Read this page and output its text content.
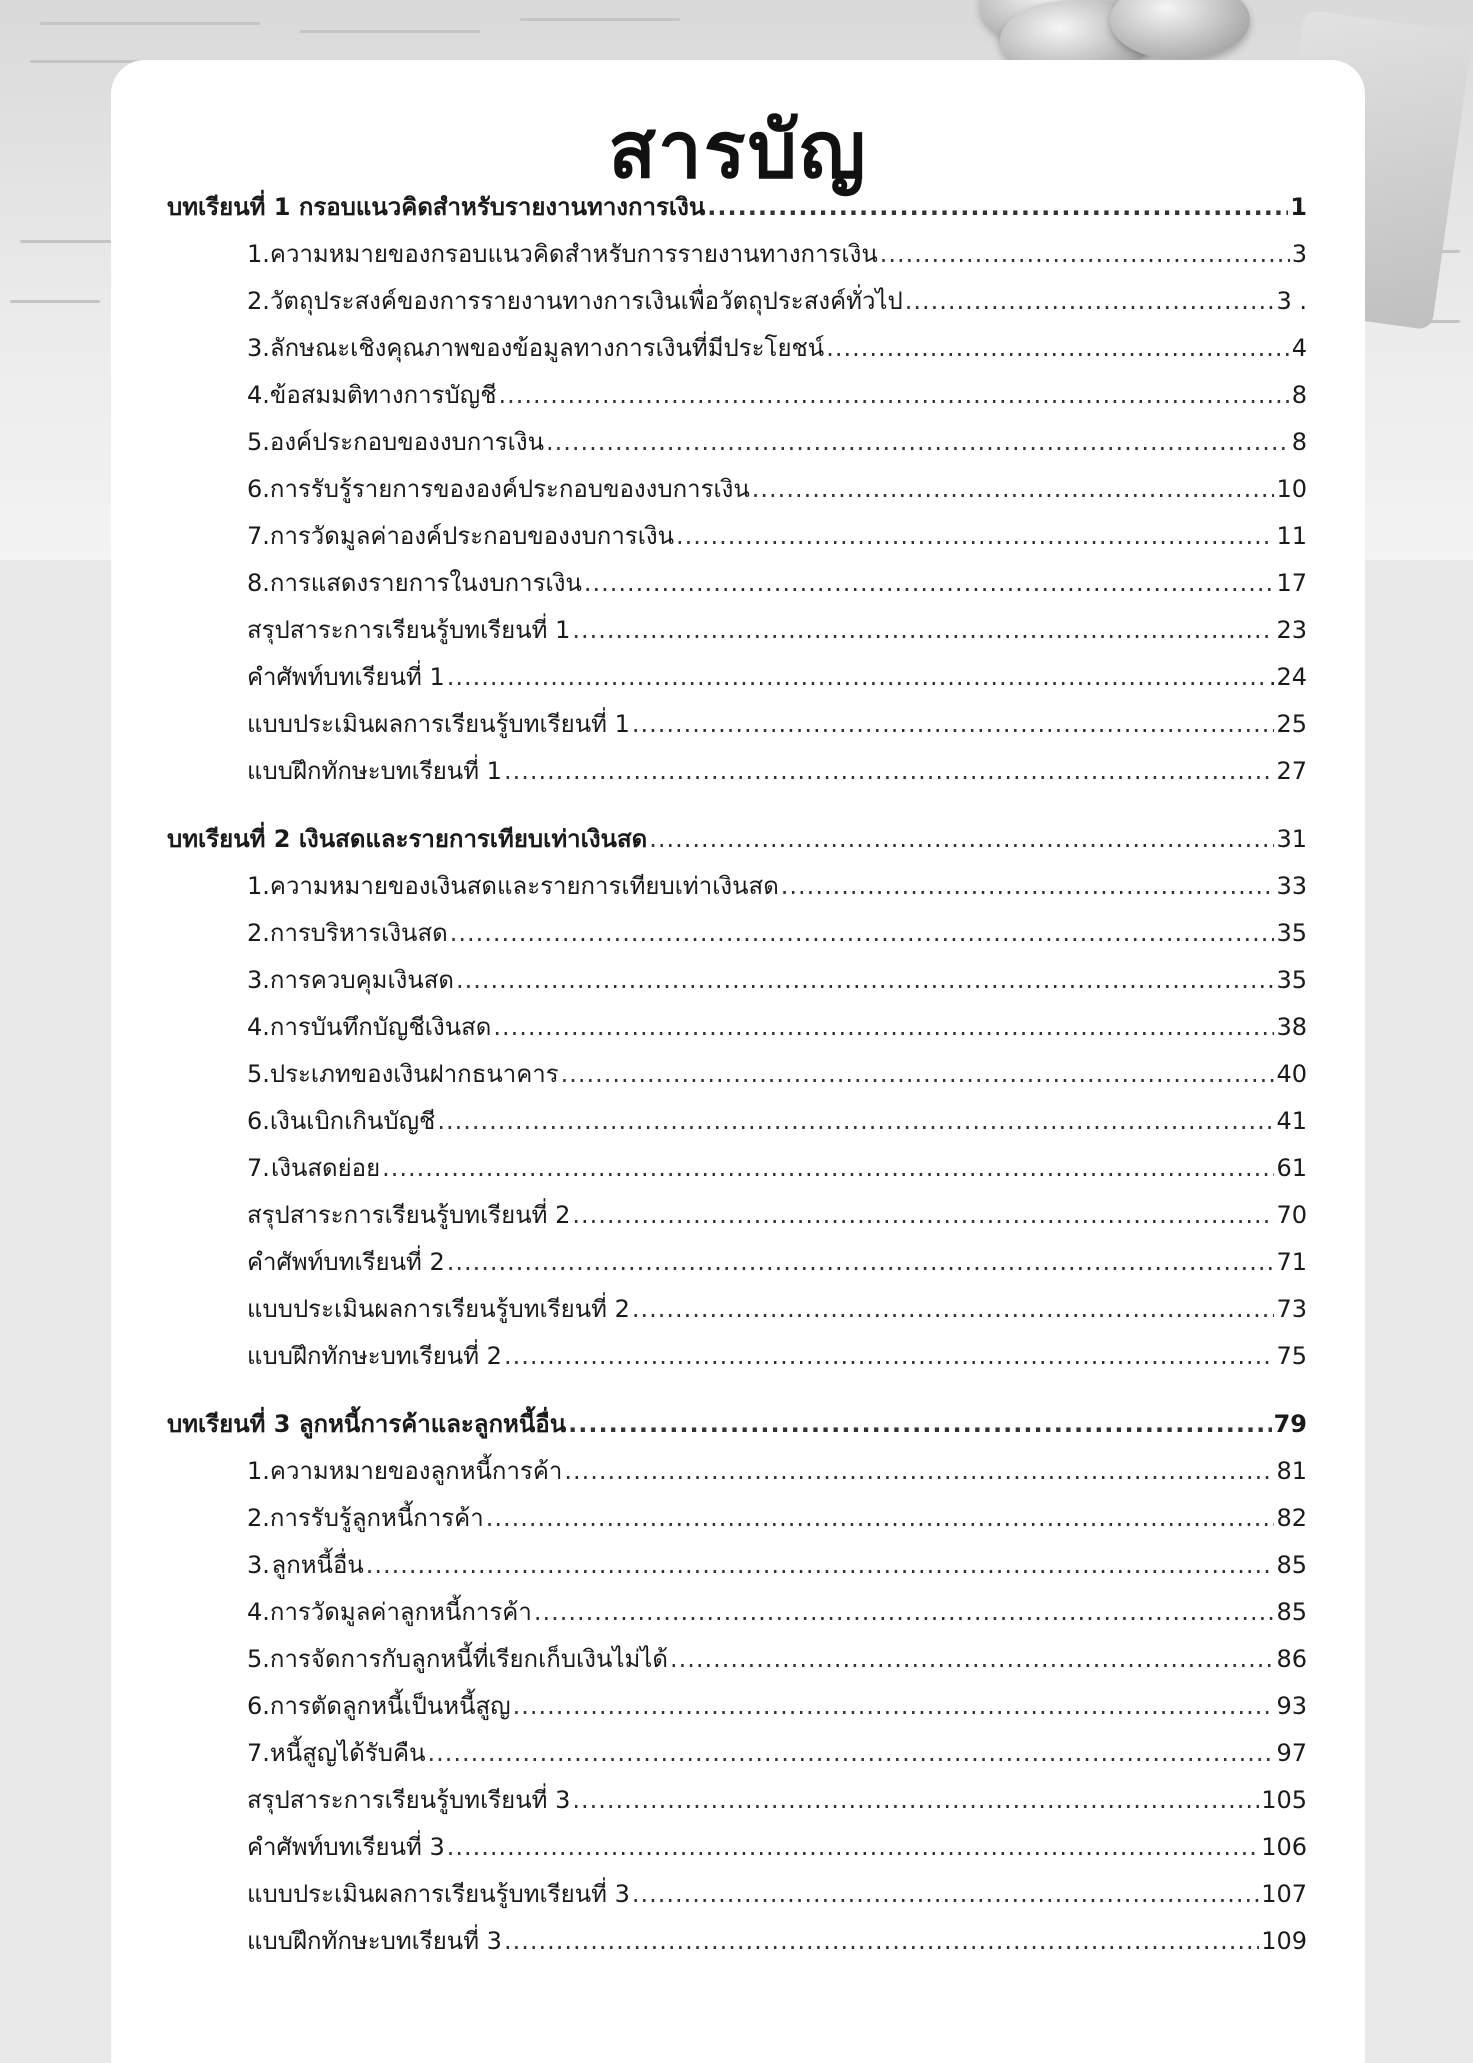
สารบัญ
บทเรียนที่ 1 กรอบแนวคิดสำหรับรายงานทางการเงิน .....	1
1. ความหมายของกรอบแนวคิดสำหรับการรายงานทางการเงิน .....	3
2. วัตถุประสงค์ของการรายงานทางการเงินเพื่อวัตถุประสงค์ทั่วไป .....	3 .
3. ลักษณะเชิงคุณภาพของข้อมูลทางการเงินที่มีประโยชน์ .....	4
4. ข้อสมมติทางการบัญชี .....	8
5. องค์ประกอบของงบการเงิน .....	8
6. การรับรู้รายการขององค์ประกอบของงบการเงิน .....	10
7. การวัดมูลค่าองค์ประกอบของงบการเงิน .....	11
8. การแสดงรายการในงบการเงิน .....	17
สรุปสาระการเรียนรู้บทเรียนที่ 1 .....	23
คำศัพท์บทเรียนที่ 1 .....	.24
แบบประเมินผลการเรียนรู้บทเรียนที่ 1 .....	25
แบบฝึกทักษะบทเรียนที่ 1 .....	27
บทเรียนที่ 2 เงินสดและรายการเทียบเท่าเงินสด .....	31
1. ความหมายของเงินสดและรายการเทียบเท่าเงินสด .....	33
2. การบริหารเงินสด .....	35
3. การควบคุมเงินสด .....	35
4. การบันทึกบัญชีเงินสด .....	38
5. ประเภทของเงินฝากธนาคาร .....	40
6. เงินเบิกเกินบัญชี .....	41
7. เงินสดย่อย .....	61
สรุปสาระการเรียนรู้บทเรียนที่ 2 .....	70
คำศัพท์บทเรียนที่ 2 .....	71
แบบประเมินผลการเรียนรู้บทเรียนที่ 2 .....	73
แบบฝึกทักษะบทเรียนที่ 2 .....	75
บทเรียนที่ 3 ลูกหนี้การค้าและลูกหนี้อื่น .....	79
1. ความหมายของลูกหนี้การค้า .....	81
2. การรับรู้ลูกหนี้การค้า .....	82
3. ลูกหนี้อื่น .....	85
4. การวัดมูลค่าลูกหนี้การค้า .....	85
5. การจัดการกับลูกหนี้ที่เรียกเก็บเงินไม่ได้ .....	86
6. การตัดลูกหนี้เป็นหนี้สูญ .....	93
7. หนี้สูญได้รับคืน .....	97
สรุปสาระการเรียนรู้บทเรียนที่ 3 .....	105
คำศัพท์บทเรียนที่ 3 .....	106
แบบประเมินผลการเรียนรู้บทเรียนที่ 3 .....	107
แบบฝึกทักษะบทเรียนที่ 3 .....	109
